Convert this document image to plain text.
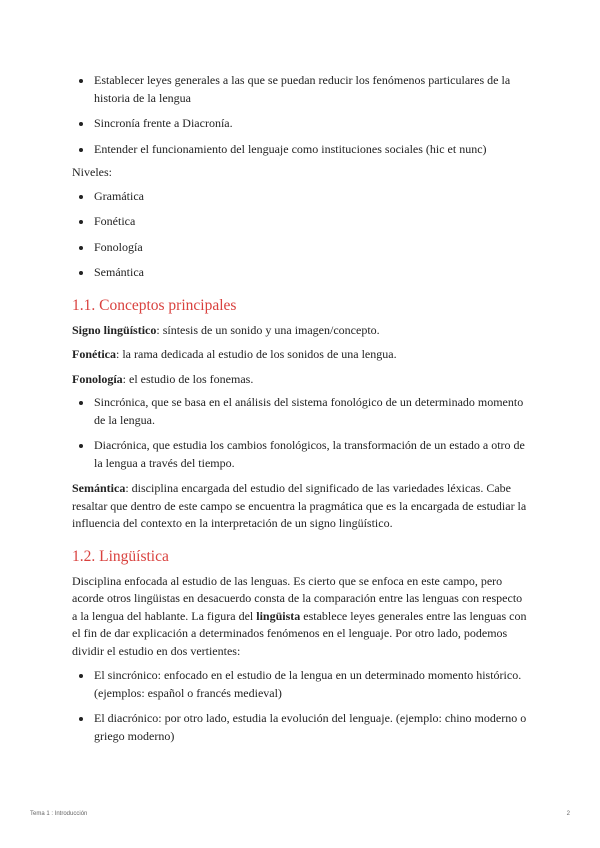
Establecer leyes generales a las que se puedan reducir los fenómenos particulares de la historia de la lengua
Sincronía frente a Diacronía.
Entender el funcionamiento del lenguaje como instituciones sociales (hic et nunc)

Niveles:

Gramática
Fonética
Fonología
Semántica
1.1. Conceptos principales

Signo lingüístico: síntesis de un sonido y una imagen/concepto.

Fonética: la rama dedicada al estudio de los sonidos de una lengua.

Fonología: el estudio de los fonemas.

Sincrónica, que se basa en el análisis del sistema fonológico de un determinado momento de la lengua.
Diacrónica, que estudia los cambios fonológicos, la transformación de un estado a otro de la lengua a través del tiempo.

Semántica: disciplina encargada del estudio del significado de las variedades léxicas. Cabe resaltar que dentro de este campo se encuentra la pragmática que es la encargada de estudiar la influencia del contexto en la interpretación de un signo lingüístico.

1.2. Lingüística

Disciplina enfocada al estudio de las lenguas. Es cierto que se enfoca en este campo, pero acorde otros lingüistas en desacuerdo consta de la comparación entre las lenguas con respecto a la lengua del hablante. La figura del lingüista establece leyes generales entre las lenguas con el fin de dar explicación a determinados fenómenos en el lenguaje. Por otro lado, podemos dividir el estudio en dos vertientes:

El sincrónico: enfocado en el estudio de la lengua en un determinado momento histórico. (ejemplos: español o francés medieval)
El diacrónico: por otro lado, estudia la evolución del lenguaje. (ejemplo: chino moderno o griego moderno)
Tema 1 : Introducción	2
